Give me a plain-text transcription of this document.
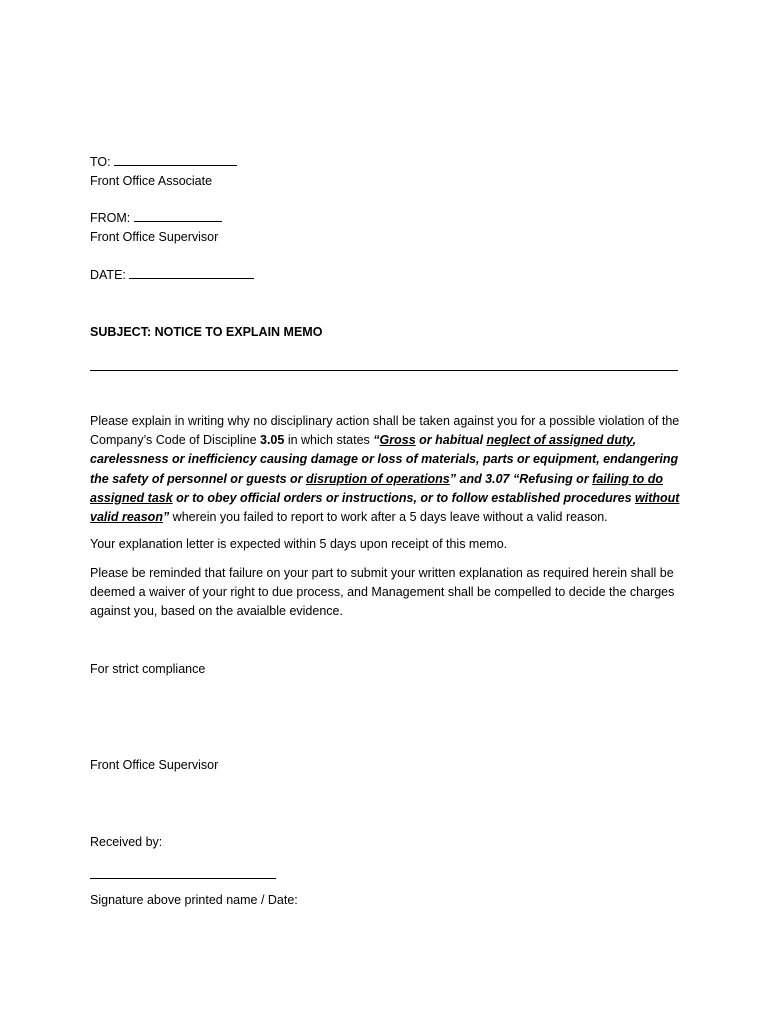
TO:
Front Office Associate
FROM:
Front Office Supervisor
DATE:
SUBJECT: NOTICE TO EXPLAIN MEMO
Please explain in writing why no disciplinary action shall be taken against you for a possible violation of the Company’s Code of Discipline 3.05 in which states “Gross or habitual neglect of assigned duty, carelessness or inefficiency causing damage or loss of materials, parts or equipment, endangering the safety of personnel or guests or disruption of operations” and 3.07 “Refusing or failing to do assigned task or to obey official orders or instructions, or to follow established procedures without valid reason” wherein you failed to report to work after a 5 days leave without a valid reason.
Your explanation letter is expected within 5 days upon receipt of this memo.
Please be reminded that failure on your part to submit your written explanation as required herein shall be deemed a waiver of your right to due process, and Management shall be compelled to decide the charges against you, based on the avaialble evidence.
For strict compliance
Front Office Supervisor
Received by:
Signature above printed name / Date:
